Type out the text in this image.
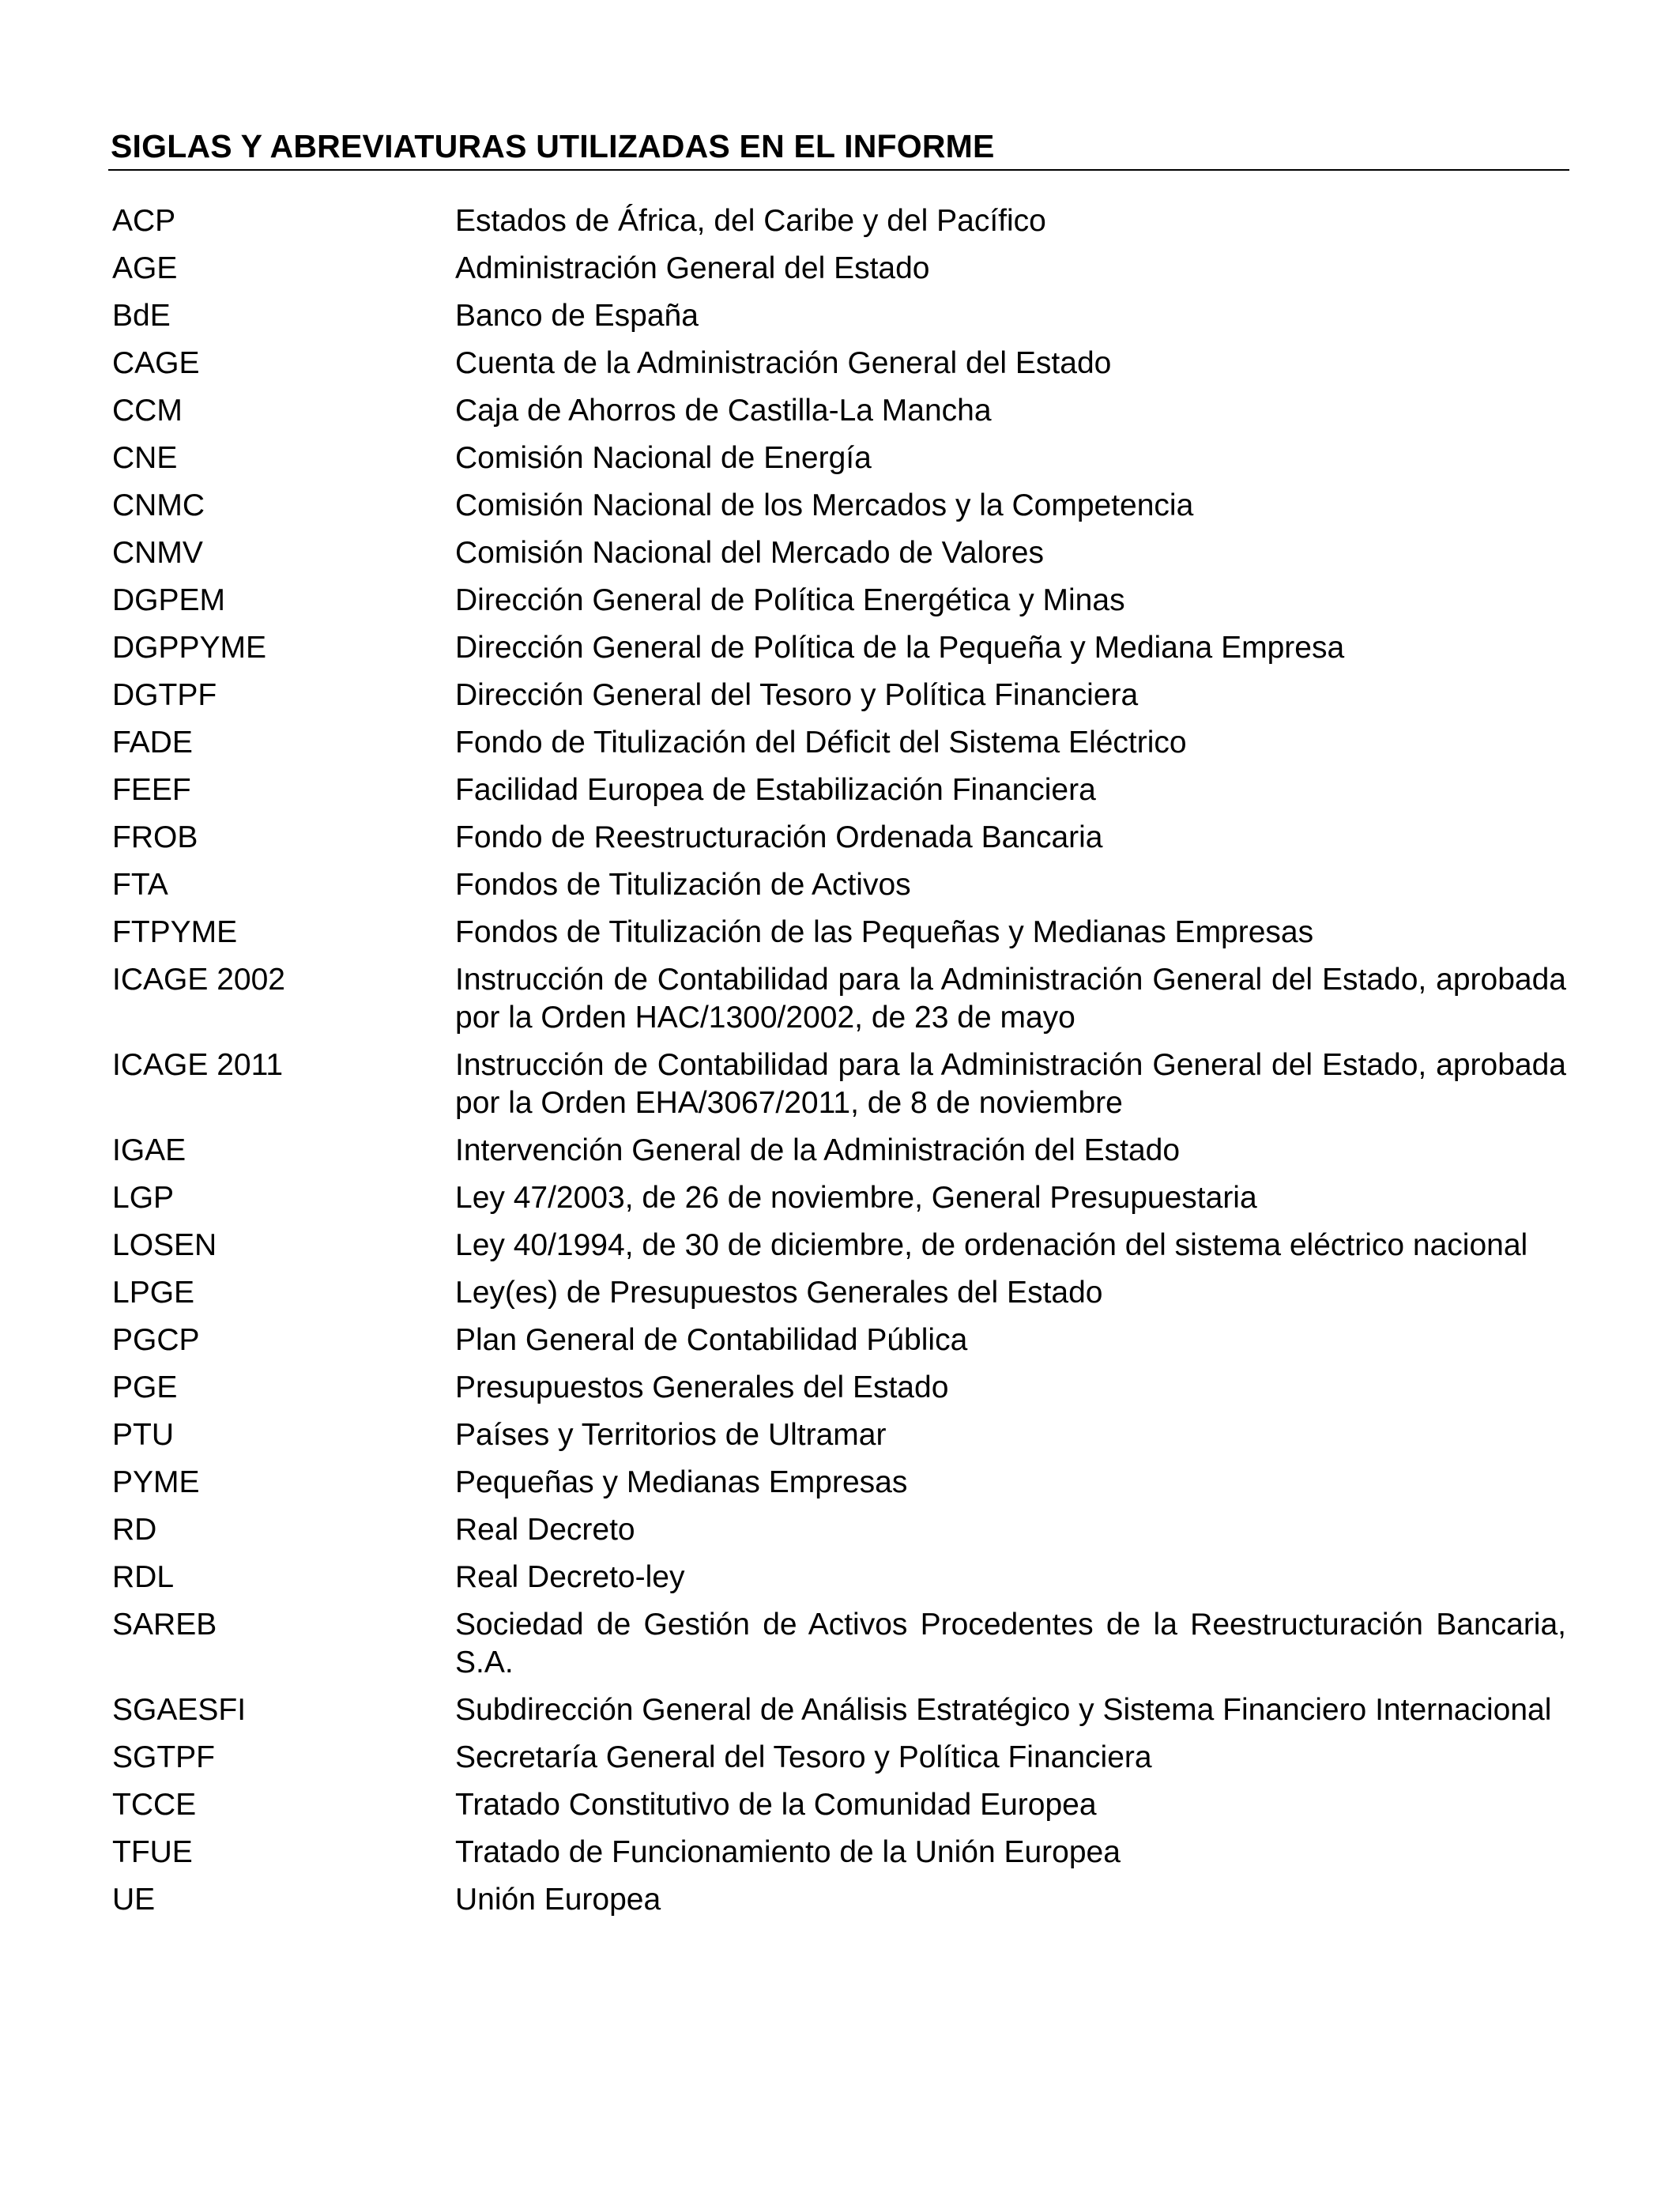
SIGLAS Y ABREVIATURAS UTILIZADAS EN EL INFORME
ACP	Estados de África, del Caribe y del Pacífico
AGE	Administración General del Estado
BdE	Banco de España
CAGE	Cuenta de la Administración General del Estado
CCM	Caja de Ahorros de Castilla-La Mancha
CNE	Comisión Nacional de Energía
CNMC	Comisión Nacional de los Mercados y la Competencia
CNMV	Comisión Nacional del Mercado de Valores
DGPEM	Dirección General de Política Energética y Minas
DGPPYME	Dirección General de Política de la Pequeña y Mediana Empresa
DGTPF	Dirección General del Tesoro y Política Financiera
FADE	Fondo de Titulización del Déficit del Sistema Eléctrico
FEEF	Facilidad Europea de Estabilización Financiera
FROB	Fondo de Reestructuración Ordenada Bancaria
FTA	Fondos de Titulización de Activos
FTPYME	Fondos de Titulización de las Pequeñas y Medianas Empresas
ICAGE 2002	Instrucción de Contabilidad para la Administración General del Estado, aprobada por la Orden HAC/1300/2002, de 23 de mayo
ICAGE 2011	Instrucción de Contabilidad para la Administración General del Estado, aprobada por la Orden EHA/3067/2011, de 8 de noviembre
IGAE	Intervención General de la Administración del Estado
LGP	Ley 47/2003, de 26 de noviembre, General Presupuestaria
LOSEN	Ley 40/1994, de 30 de diciembre, de ordenación del sistema eléctrico nacional
LPGE	Ley(es) de Presupuestos Generales del Estado
PGCP	Plan General de Contabilidad Pública
PGE	Presupuestos Generales del Estado
PTU	Países y Territorios de Ultramar
PYME	Pequeñas y Medianas Empresas
RD	Real Decreto
RDL	Real Decreto-ley
SAREB	Sociedad de Gestión de Activos Procedentes de la Reestructuración Bancaria, S.A.
SGAESFI	Subdirección General de Análisis Estratégico y Sistema Financiero Internacional
SGTPF	Secretaría General del Tesoro y Política Financiera
TCCE	Tratado Constitutivo de la Comunidad Europea
TFUE	Tratado de Funcionamiento de la Unión Europea
UE	Unión Europea
